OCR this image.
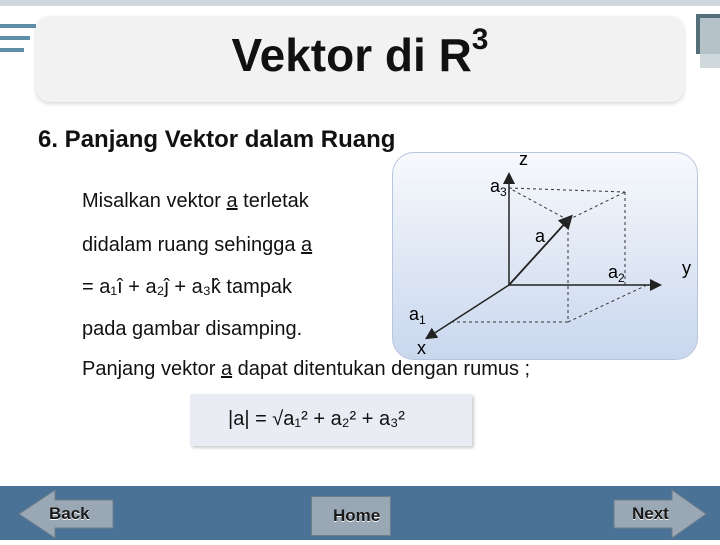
Vektor di $R^3$
6. Panjang Vektor dalam Ruang
Misalkan vektor a terletak
didalam ruang sehingga a
= a₁î + a₂ĵ + a₃k̂ tampak
pada gambar disamping.
z
y
x
a
$a_3$
$a_2$
$a_1$
Panjang vektor a dapat ditentukan dengan rumus ;
|a| = √a₁² + a₂² + a₃²
Back	Home	Next
